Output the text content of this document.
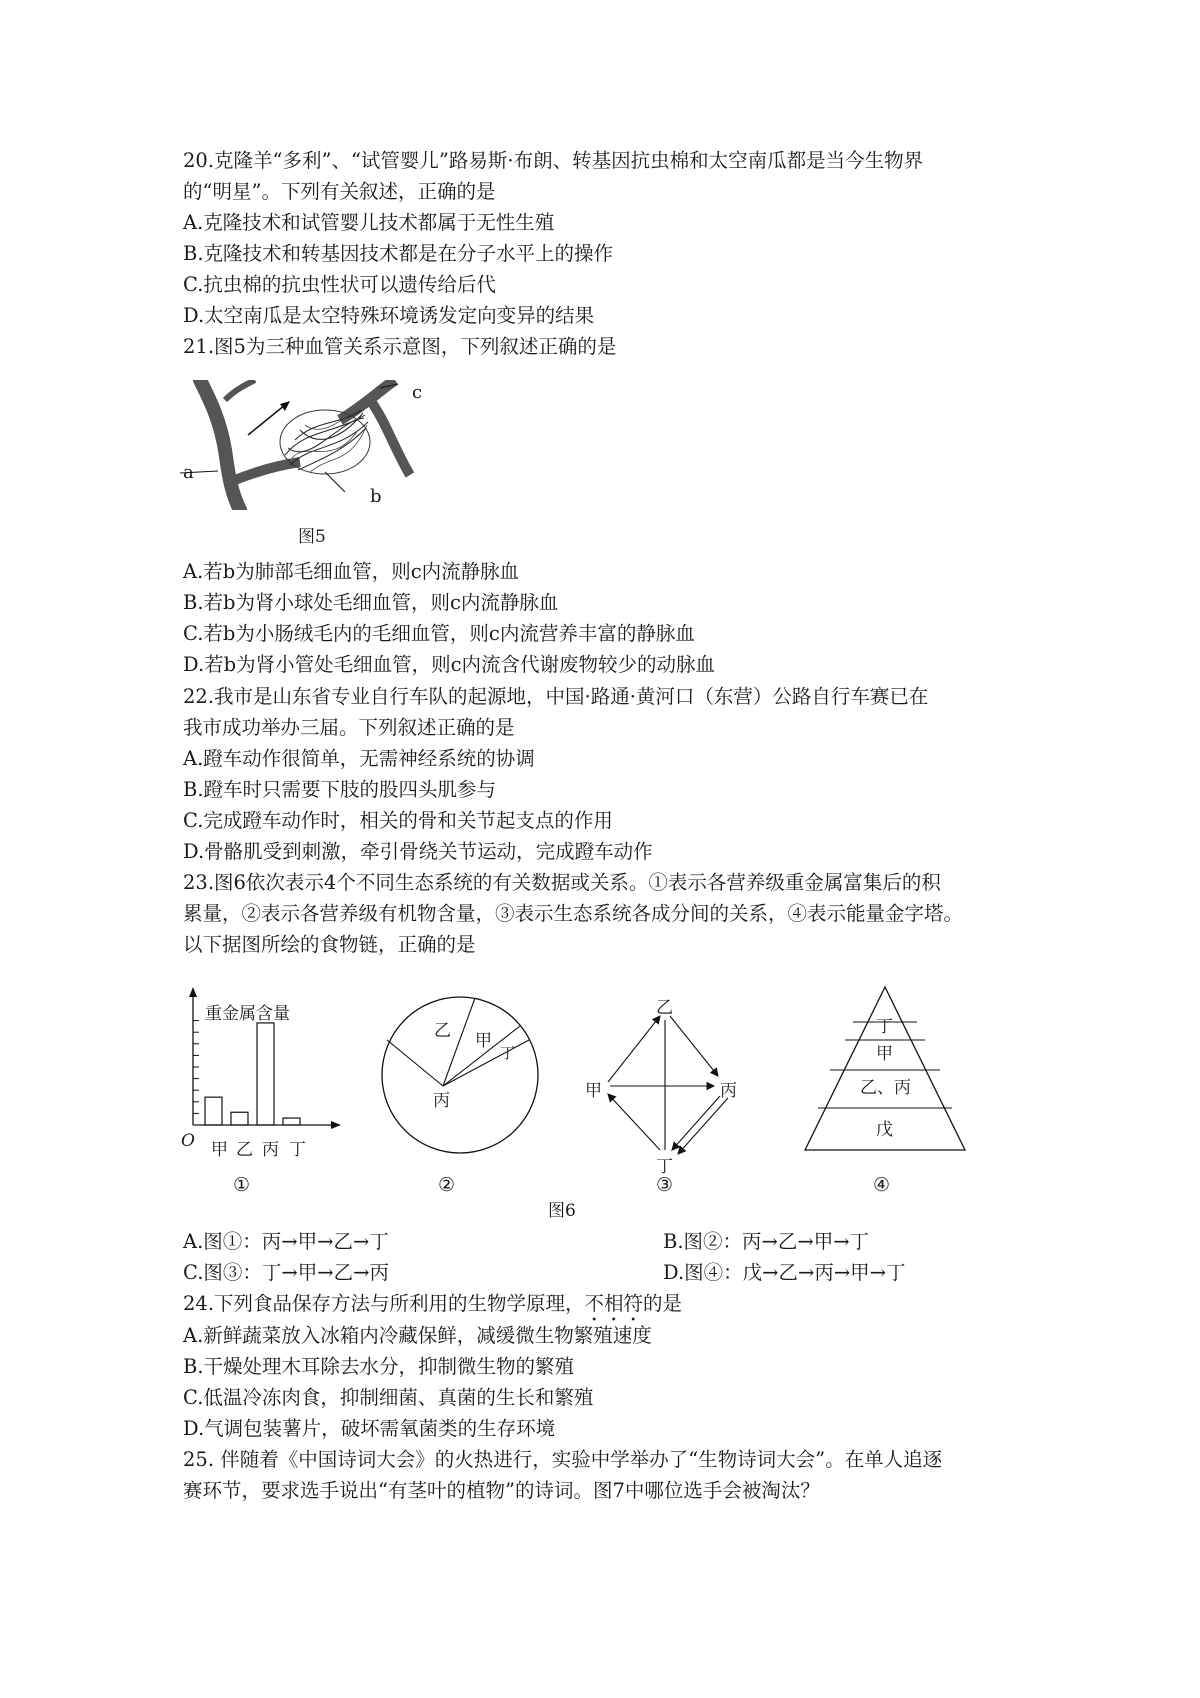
20.克隆羊“多利”、“试管婴儿”路易斯·布朗、转基因抗虫棉和太空南瓜都是当今生物界
的“明星”。下列有关叙述，正确的是
A.克隆技术和试管婴儿技术都属于无性生殖
B.克隆技术和转基因技术都是在分子水平上的操作
C.抗虫棉的抗虫性状可以遗传给后代
D.太空南瓜是太空特殊环境诱发定向变异的结果
21.图5为三种血管关系示意图，下列叙述正确的是
a
c
b
图5
A.若b为肺部毛细血管，则c内流静脉血
B.若b为肾小球处毛细血管，则c内流静脉血
C.若b为小肠绒毛内的毛细血管，则c内流营养丰富的静脉血
D.若b为肾小管处毛细血管，则c内流含代谢废物较少的动脉血
22.我市是山东省专业自行车队的起源地，中国·路通·黄河口（东营）公路自行车赛已在
我市成功举办三届。下列叙述正确的是
A.蹬车动作很简单，无需神经系统的协调
B.蹬车时只需要下肢的股四头肌参与
C.完成蹬车动作时，相关的骨和关节起支点的作用
D.骨骼肌受到刺激，牵引骨绕关节运动，完成蹬车动作
23.图6依次表示4个不同生态系统的有关数据或关系。①表示各营养级重金属富集后的积
累量，②表示各营养级有机物含量，③表示生态系统各成分间的关系，④表示能量金字塔。
以下据图所绘的食物链，正确的是
重金属含量
O 甲 乙 丙 丁
①
乙 甲
丁
丙
②
乙
甲	丙
丁
③
丁
甲
乙、丙
戊
④
图6
A.图①：丙→甲→乙→丁	B.图②：丙→乙→甲→丁
C.图③：丁→甲→乙→丙	D.图④：戊→乙→丙→甲→丁
24.下列食品保存方法与所利用的生物学原理，不相符的是
A.新鲜蔬菜放入冰箱内冷藏保鲜，减缓微生物繁殖速度
B.干燥处理木耳除去水分，抑制微生物的繁殖
C.低温冷冻肉食，抑制细菌、真菌的生长和繁殖
D.气调包装薯片，破坏需氧菌类的生存环境
25. 伴随着《中国诗词大会》的火热进行，实验中学举办了“生物诗词大会”。在单人追逐
赛环节，要求选手说出“有茎叶的植物”的诗词。图7中哪位选手会被淘汰？
